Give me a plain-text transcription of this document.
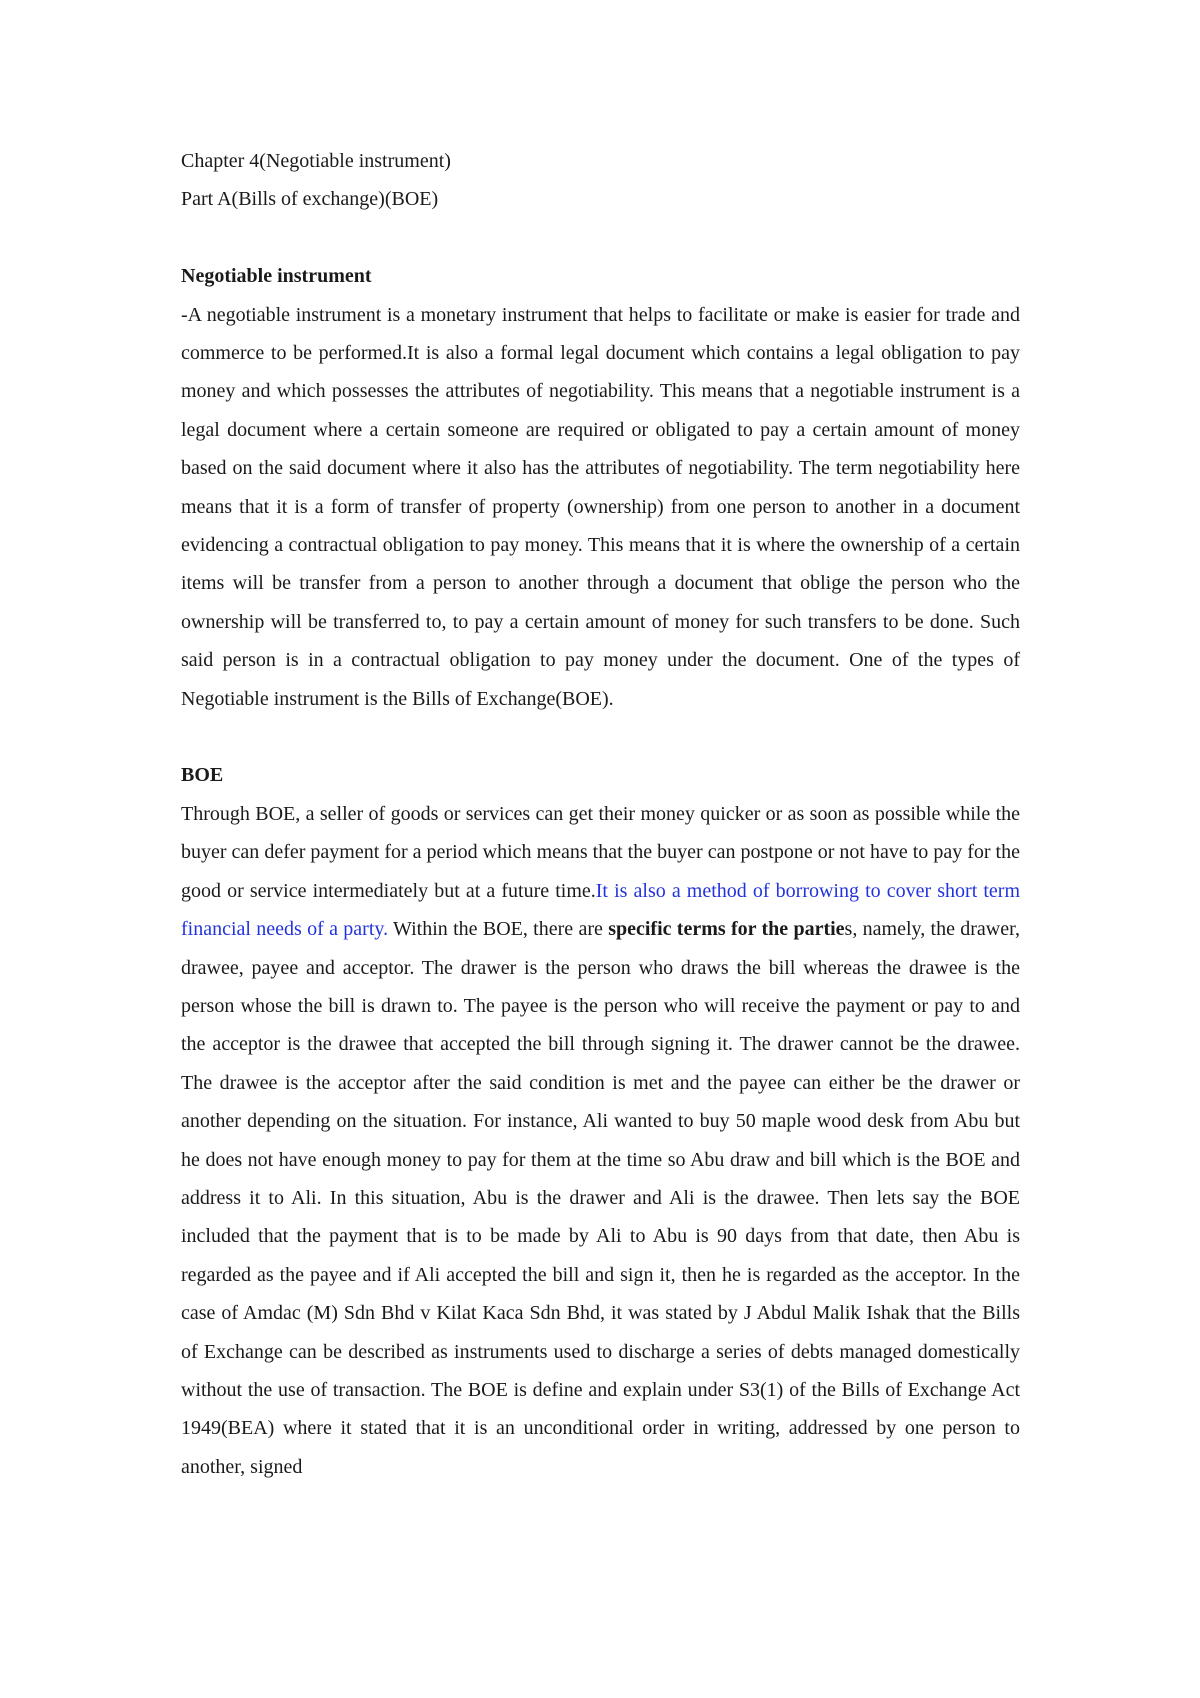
Chapter 4(Negotiable instrument)

Part A(Bills of exchange)(BOE)

Negotiable instrument

-A negotiable instrument is a monetary instrument that helps to facilitate or make is easier for trade and commerce to be performed.It is also a formal legal document which contains a legal obligation to pay money and which possesses the attributes of negotiability. This means that a negotiable instrument is a legal document where a certain someone are required or obligated to pay a certain amount of money based on the said document where it also has the attributes of negotiability. The term negotiability here means that it is a form of transfer of property (ownership) from one person to another in a document evidencing a contractual obligation to pay money. This means that it is where the ownership of a certain items will be transfer from a person to another through a document that oblige the person who the ownership will be transferred to, to pay a certain amount of money for such transfers to be done. Such said person is in a contractual obligation to pay money under the document. One of the types of Negotiable instrument is the Bills of Exchange(BOE).

BOE

Through BOE, a seller of goods or services can get their money quicker or as soon as possible while the buyer can defer payment for a period which means that the buyer can postpone or not have to pay for the good or service intermediately but at a future time.It is also a method of borrowing to cover short term financial needs of a party. Within the BOE, there are specific terms for the parties, namely, the drawer, drawee, payee and acceptor. The drawer is the person who draws the bill whereas the drawee is the person whose the bill is drawn to. The payee is the person who will receive the payment or pay to and the acceptor is the drawee that accepted the bill through signing it. The drawer cannot be the drawee. The drawee is the acceptor after the said condition is met and the payee can either be the drawer or another depending on the situation. For instance, Ali wanted to buy 50 maple wood desk from Abu but he does not have enough money to pay for them at the time so Abu draw and bill which is the BOE and address it to Ali. In this situation, Abu is the drawer and Ali is the drawee. Then lets say the BOE included that the payment that is to be made by Ali to Abu is 90 days from that date, then Abu is regarded as the payee and if Ali accepted the bill and sign it, then he is regarded as the acceptor. In the case of Amdac (M) Sdn Bhd v Kilat Kaca Sdn Bhd, it was stated by J Abdul Malik Ishak that the Bills of Exchange can be described as instruments used to discharge a series of debts managed domestically without the use of transaction. The BOE is define and explain under S3(1) of the Bills of Exchange Act 1949(BEA) where it stated that it is an unconditional order in writing, addressed by one person to another, signed
